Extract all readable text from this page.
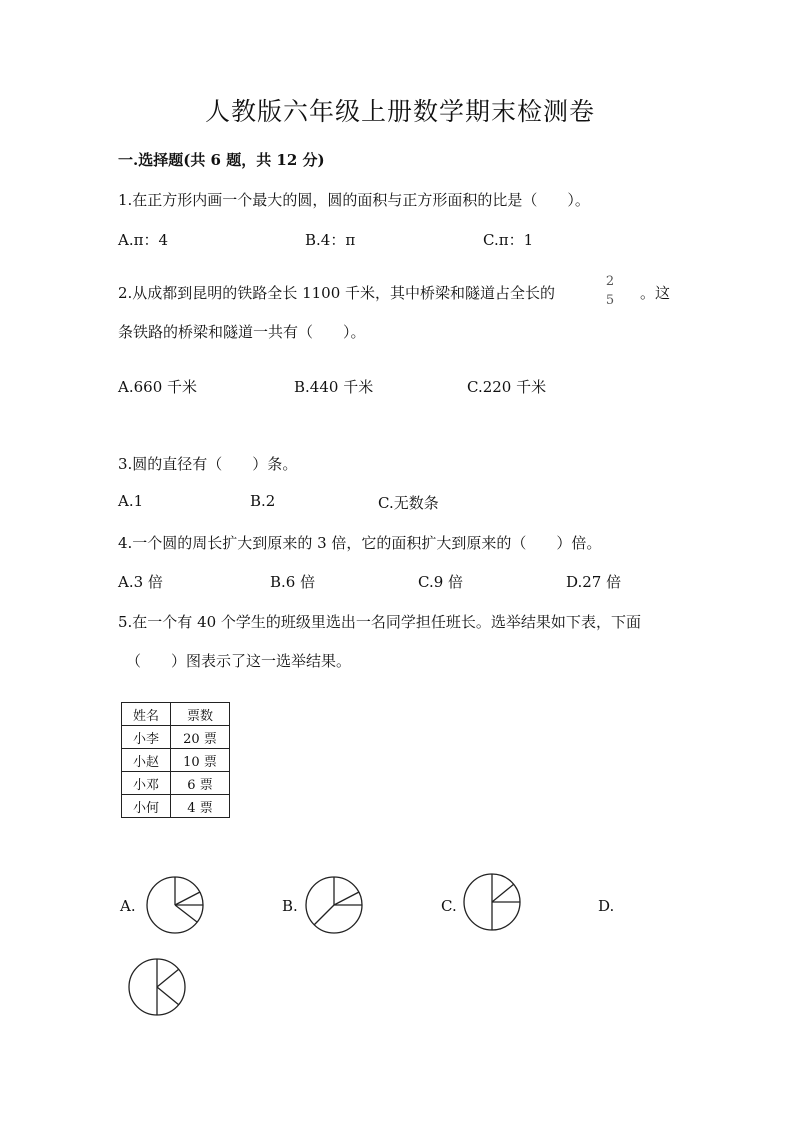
人教版六年级上册数学期末检测卷
一.选择题(共 6 题，共 12 分)
1.在正方形内画一个最大的圆，圆的面积与正方形面积的比是（　　）。
A.π：4	B.4：π	C.π：1
2.从成都到昆明的铁路全长 1100 千米，其中桥梁和隧道占全长的
2
5 。这
条铁路的桥梁和隧道一共有（　　）。
A.660 千米	B.440 千米	C.220 千米
3.圆的直径有（　　）条。
A.1	B.2	C.无数条
4.一个圆的周长扩大到原来的 3 倍，它的面积扩大到原来的（　　）倍。
A.3 倍	B.6 倍	C.9 倍	D.27 倍
5.在一个有 40 个学生的班级里选出一名同学担任班长。选举结果如下表，下面
（　　）图表示了这一选举结果。
姓名	票数
小李	20 票
小赵	10 票
小邓	6 票
小何	4 票
A.	B.	C.	D.
